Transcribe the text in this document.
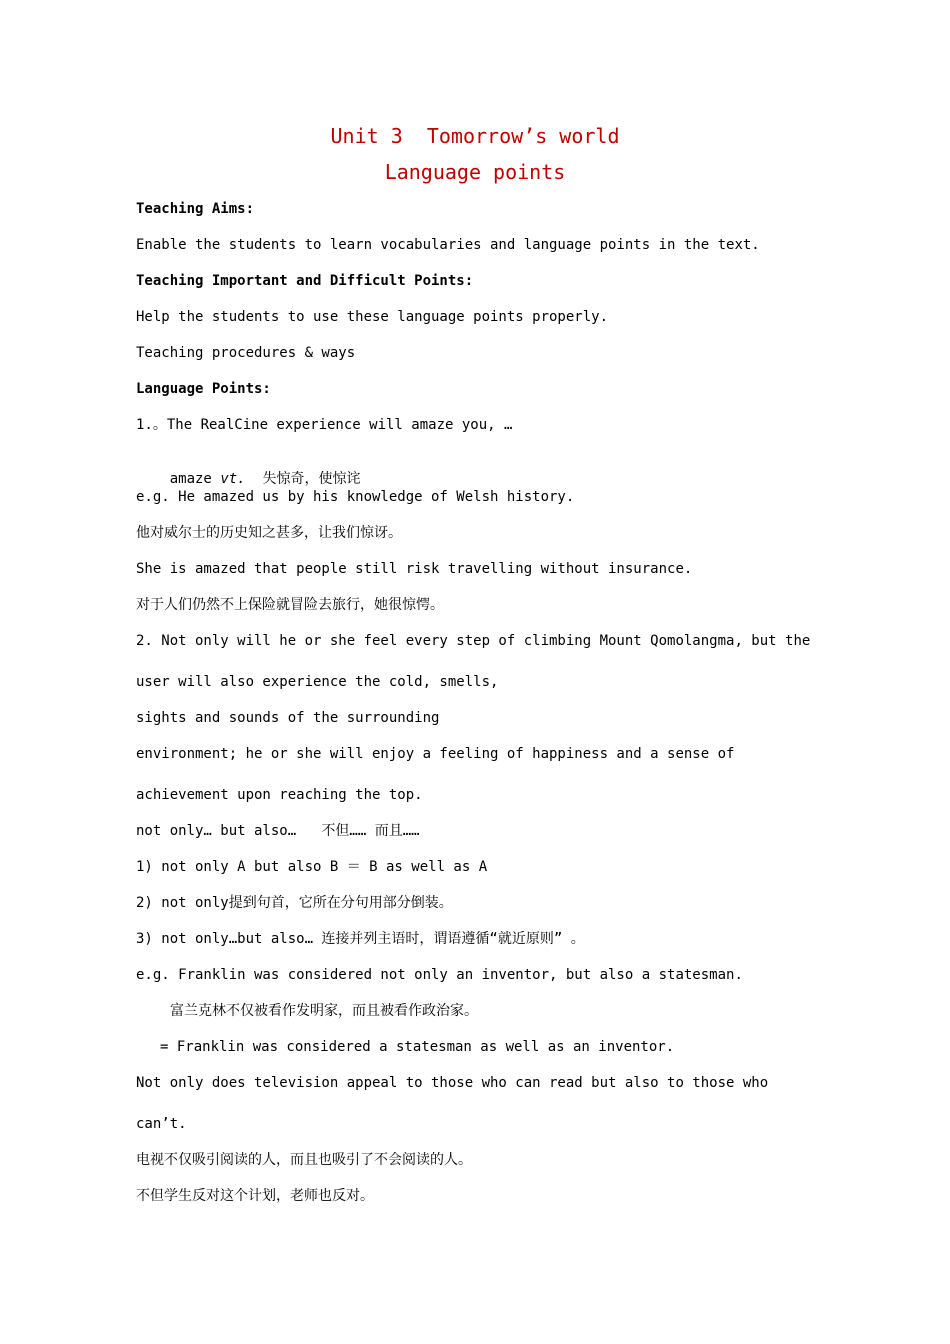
Unit 3  Tomorrow’s world
Language points
Teaching Aims:
Enable the students to learn vocabularies and language points in the text.
Teaching Important and Difficult Points:
Help the students to use these language points properly.
Teaching procedures & ways
Language Points:
1.。The RealCine experience will amaze you, …

amaze vt. 失惊奇，使惊诧

e.g. He amazed us by his knowledge of Welsh history.
他对威尔士的历史知之甚多，让我们惊讶。
She is amazed that people still risk travelling without insurance.
对于人们仍然不上保险就冒险去旅行，她很惊愕。
2. Not only will he or she feel every step of climbing Mount Qomolangma, but the
user will also experience the cold, smells,
sights and sounds of the surrounding
environment; he or she will enjoy a feeling of happiness and a sense of
achievement upon reaching the top.
not only… but also…   不但…… 而且……
1) not only A but also B ＝ B as well as A
2) not only提到句首，它所在分句用部分倒装。
3) not only…but also… 连接并列主语时，谓语遵循“就近原则” 。
e.g. Franklin was considered not only an inventor, but also a statesman.
富兰克林不仅被看作发明家，而且被看作政治家。
= Franklin was considered a statesman as well as an inventor.
Not only does television appeal to those who can read but also to those who
can’t.
电视不仅吸引阅读的人，而且也吸引了不会阅读的人。
不但学生反对这个计划，老师也反对。
